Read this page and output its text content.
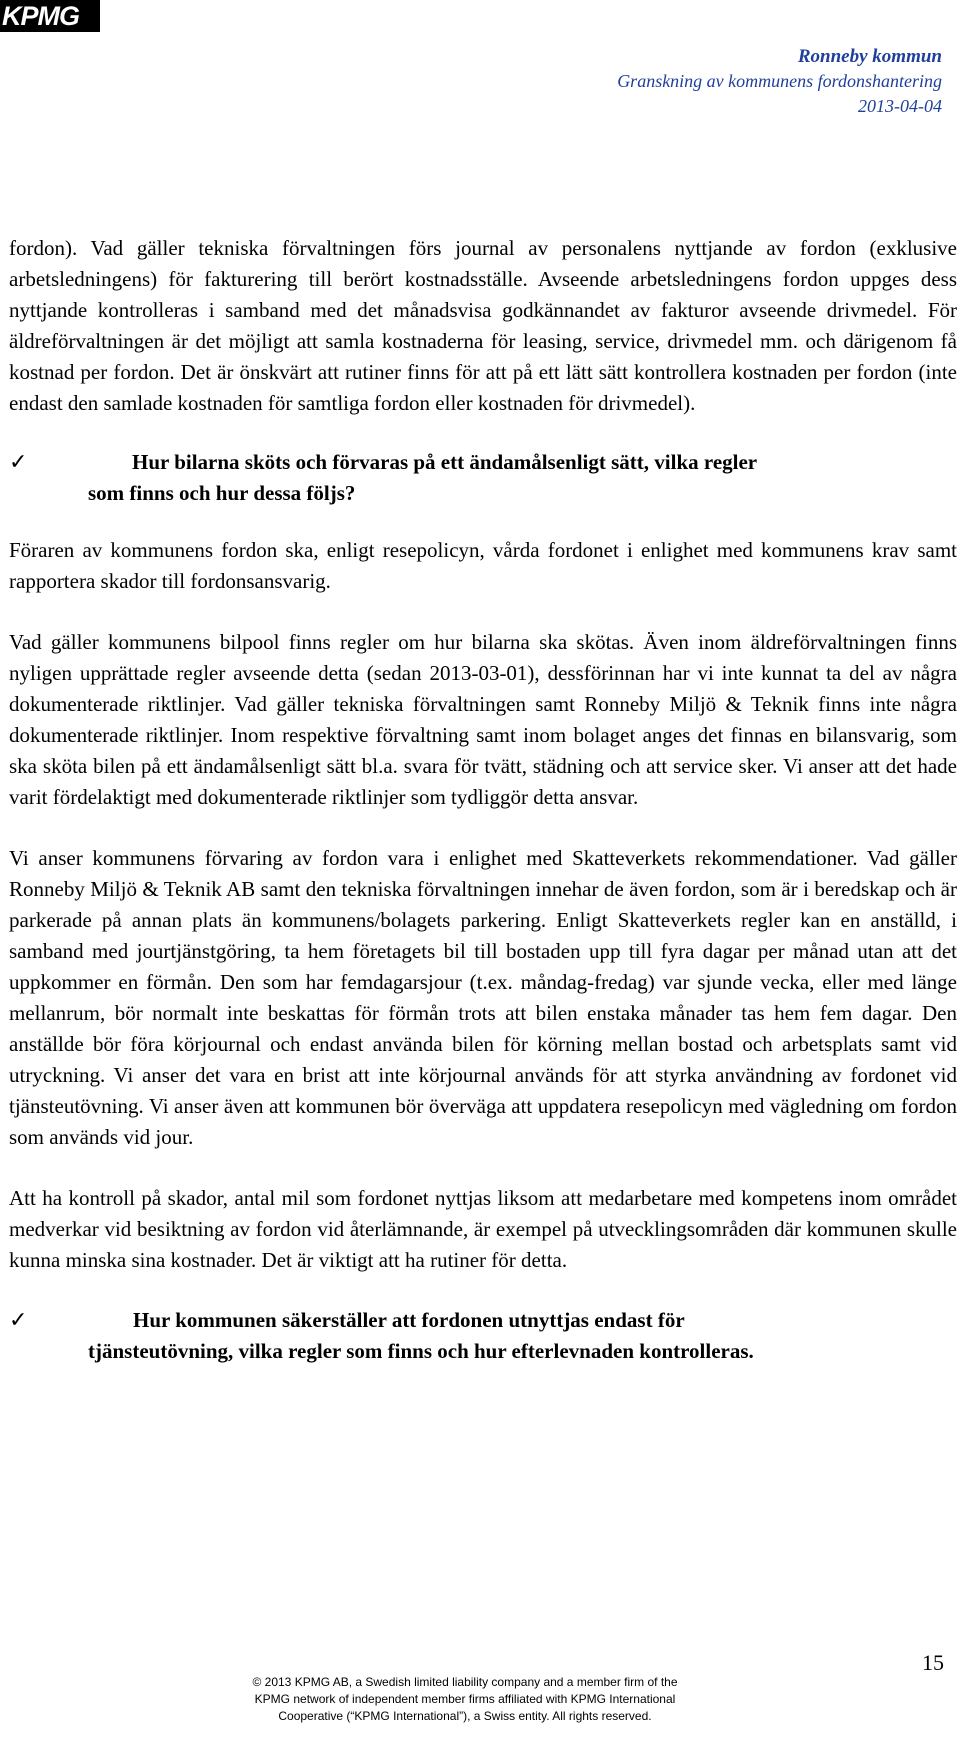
KPMG
Ronneby kommun
Granskning av kommunens fordonshantering
2013-04-04

fordon). Vad gäller tekniska förvaltningen förs journal av personalens nyttjande av fordon (exklusive arbetsledningens) för fakturering till berört kostnadsställe. Avseende arbetsledningens fordon uppges dess nyttjande kontrolleras i samband med det månadsvisa godkännandet av fakturor avseende drivmedel. För äldreförvaltningen är det möjligt att samla kostnaderna för leasing, service, drivmedel mm. och därigenom få kostnad per fordon. Det är önskvärt att rutiner finns för att på ett lätt sätt kontrollera kostnaden per fordon (inte endast den samlade kostnaden för samtliga fordon eller kostnaden för drivmedel).

✓	Hur bilarna sköts och förvaras på ett ändamålsenligt sätt, vilka regler
som finns och hur dessa följs?

Föraren av kommunens fordon ska, enligt resepolicyn, vårda fordonet i enlighet med kommunens krav samt rapportera skador till fordonsansvarig.

Vad gäller kommunens bilpool finns regler om hur bilarna ska skötas. Även inom äldreförvaltningen finns nyligen upprättade regler avseende detta (sedan 2013-03-01), dessförinnan har vi inte kunnat ta del av några dokumenterade riktlinjer. Vad gäller tekniska förvaltningen samt Ronneby Miljö & Teknik finns inte några dokumenterade riktlinjer. Inom respektive förvaltning samt inom bolaget anges det finnas en bilansvarig, som ska sköta bilen på ett ändamålsenligt sätt bl.a. svara för tvätt, städning och att service sker. Vi anser att det hade varit fördelaktigt med dokumenterade riktlinjer som tydliggör detta ansvar.

Vi anser kommunens förvaring av fordon vara i enlighet med Skatteverkets rekommendationer. Vad gäller Ronneby Miljö & Teknik AB samt den tekniska förvaltningen innehar de även fordon, som är i beredskap och är parkerade på annan plats än kommunens/bolagets parkering. Enligt Skatteverkets regler kan en anställd, i samband med jourtjänstgöring, ta hem företagets bil till bostaden upp till fyra dagar per månad utan att det uppkommer en förmån. Den som har femdagarsjour (t.ex. måndag-fredag) var sjunde vecka, eller med länge mellanrum, bör normalt inte beskattas för förmån trots att bilen enstaka månader tas hem fem dagar. Den anställde bör föra körjournal och endast använda bilen för körning mellan bostad och arbetsplats samt vid utryckning. Vi anser det vara en brist att inte körjournal används för att styrka användning av fordonet vid tjänsteutövning. Vi anser även att kommunen bör överväga att uppdatera resepolicyn med vägledning om fordon som används vid jour.

Att ha kontroll på skador, antal mil som fordonet nyttjas liksom att medarbetare med kompetens inom området medverkar vid besiktning av fordon vid återlämnande, är exempel på utvecklingsområden där kommunen skulle kunna minska sina kostnader. Det är viktigt att ha rutiner för detta.

✓	Hur kommunen säkerställer att fordonen utnyttjas endast för
tjänsteutövning, vilka regler som finns och hur efterlevnaden kontrolleras.
15
© 2013 KPMG AB, a Swedish limited liability company and a member firm of the
KPMG network of independent member firms affiliated with KPMG International
Cooperative (“KPMG International”), a Swiss entity. All rights reserved.
